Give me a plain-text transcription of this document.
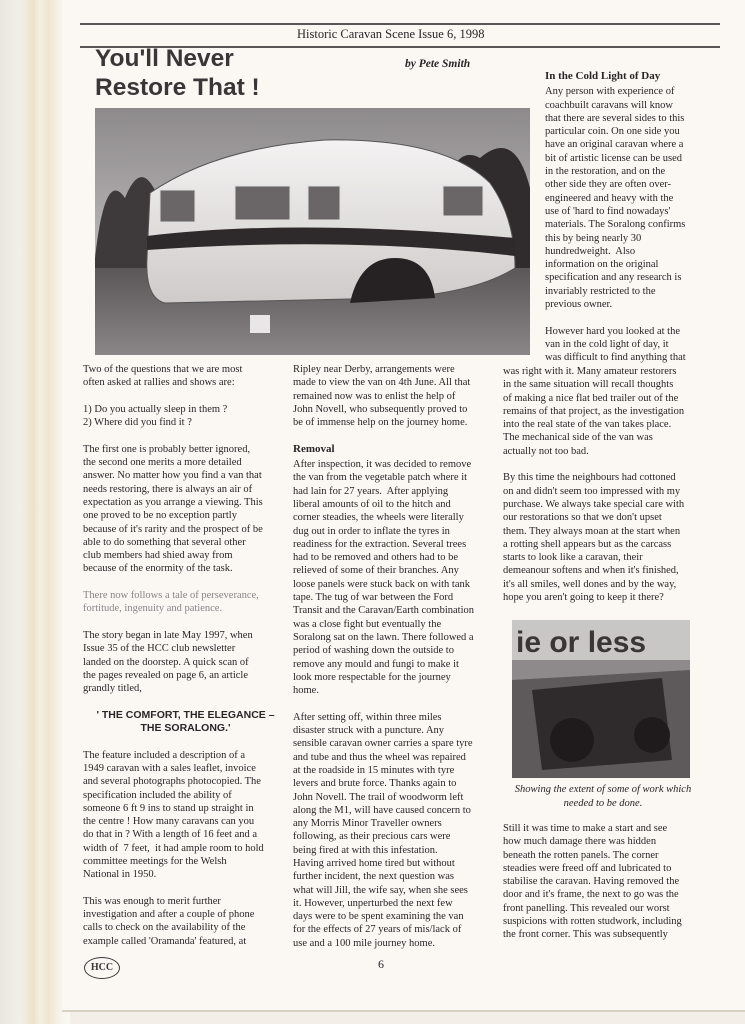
Historic Caravan Scene Issue 6, 1998
You'll Never
Restore That !
by Pete Smith
In the Cold Light of Day

Any person with experience of
coachbuilt caravans will know
that there are several sides to this
particular coin. On one side you
have an original caravan where a
bit of artistic license can be used
in the restoration, and on the
other side they are often over-
engineered and heavy with the
use of 'hard to find nowadays'
materials. The Soralong confirms
this by being nearly 30
hundredweight.  Also
information on the original
specification and any research is
invariably restricted to the
previous owner.

However hard you looked at the
van in the cold light of day, it
was difficult to find anything that

Two of the questions that we are most
often asked at rallies and shows are:

1) Do you actually sleep in them ?
2) Where did you find it ?

The first one is probably better ignored,
the second one merits a more detailed
answer. No matter how you find a van that
needs restoring, there is always an air of
expectation as you arrange a viewing. This
one proved to be no exception partly
because of it's rarity and the prospect of be
able to do something that several other
club members had shied away from
because of the enormity of the task.

There now follows a tale of perseverance,
fortitude, ingenuity and patience.

The story began in late May 1997, when
Issue 35 of the HCC club newsletter
landed on the doorstep. A quick scan of
the pages revealed on page 6, an article
grandly titled,

' THE COMFORT, THE ELEGANCE –
THE SORALONG.'

The feature included a description of a
1949 caravan with a sales leaflet, invoice
and several photographs photocopied. The
specification included the ability of
someone 6 ft 9 ins to stand up straight in
the centre ! How many caravans can you
do that in ? With a length of 16 feet and a
width of  7 feet,  it had ample room to hold
committee meetings for the Welsh
National in 1950.

This was enough to merit further
investigation and after a couple of phone
calls to check on the availability of the
example called 'Oramanda' featured, at

Ripley near Derby, arrangements were
made to view the van on 4th June. All that
remained now was to enlist the help of
John Novell, who subsequently proved to
be of immense help on the journey home.

Removal

After inspection, it was decided to remove
the van from the vegetable patch where it
had lain for 27 years.  After applying
liberal amounts of oil to the hitch and
corner steadies, the wheels were literally
dug out in order to inflate the tyres in
readiness for the extraction. Several trees
had to be removed and others had to be
relieved of some of their branches. Any
loose panels were stuck back on with tank
tape. The tug of war between the Ford
Transit and the Caravan/Earth combination
was a close fight but eventually the
Soralong sat on the lawn. There followed a
period of washing down the outside to
remove any mould and fungi to make it
look more respectable for the journey
home.

After setting off, within three miles
disaster struck with a puncture. Any
sensible caravan owner carries a spare tyre
and tube and thus the wheel was repaired
at the roadside in 15 minutes with tyre
levers and brute force. Thanks again to
John Novell. The trail of woodworm left
along the M1, will have caused concern to
any Morris Minor Traveller owners
following, as their precious cars were
being fired at with this infestation.
Having arrived home tired but without
further incident, the next question was
what will Jill, the wife say, when she sees
it. However, unperturbed the next few
days were to be spent examining the van
for the effects of 27 years of mis/lack of
use and a 100 mile journey home.

was right with it. Many amateur restorers
in the same situation will recall thoughts
of making a nice flat bed trailer out of the
remains of that project, as the investigation
into the real state of the van takes place.
The mechanical side of the van was
actually not too bad.

By this time the neighbours had cottoned
on and didn't seem too impressed with my
purchase. We always take special care with
our restorations so that we don't upset
them. They always moan at the start when
a rotting shell appears but as the carcass
starts to look like a caravan, their
demeanour softens and when it's finished,
it's all smiles, well dones and by the way,
hope you aren't going to keep it there?

ie or less
Showing the extent of some of work which
needed to be done.

Still it was time to make a start and see
how much damage there was hidden
beneath the rotten panels. The corner
steadies were freed off and lubricated to
stabilise the caravan. Having removed the
door and it's frame, the next to go was the
front panelling. This revealed our worst
suspicions with rotten studwork, including
the front corner. This was subsequently

HCC	6
